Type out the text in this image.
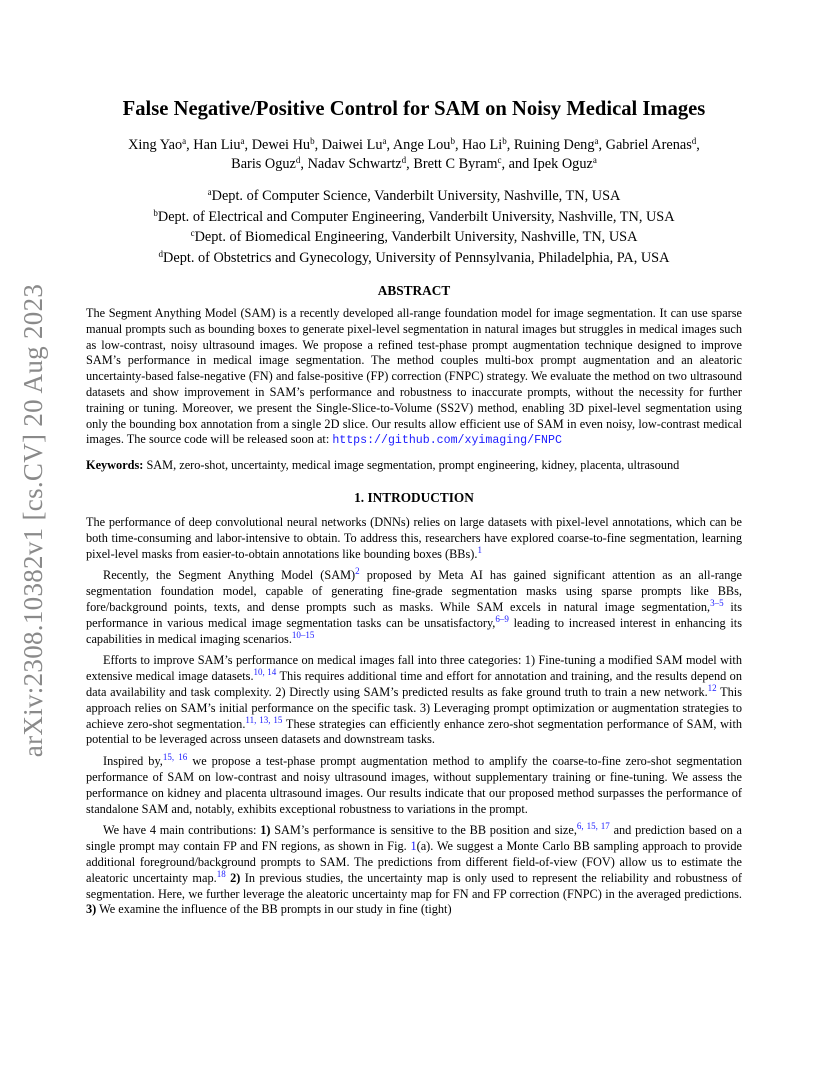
arXiv:2308.10382v1 [cs.CV] 20 Aug 2023
False Negative/Positive Control for SAM on Noisy Medical Images
Xing Yao$^a$, Han Liu$^a$, Dewei Hu$^b$, Daiwei Lu$^a$, Ange Lou$^b$, Hao Li$^b$, Ruining Deng$^a$, Gabriel Arenas$^d$,
Baris Oguz$^d$, Nadav Schwartz$^d$, Brett C Byram$^c$, and Ipek Oguz$^a$
$^a$Dept. of Computer Science, Vanderbilt University, Nashville, TN, USA
$^b$Dept. of Electrical and Computer Engineering, Vanderbilt University, Nashville, TN, USA
$^c$Dept. of Biomedical Engineering, Vanderbilt University, Nashville, TN, USA
$^d$Dept. of Obstetrics and Gynecology, University of Pennsylvania, Philadelphia, PA, USA
ABSTRACT

The Segment Anything Model (SAM) is a recently developed all-range foundation model for image segmentation. It can use sparse manual prompts such as bounding boxes to generate pixel-level segmentation in natural images but struggles in medical images such as low-contrast, noisy ultrasound images. We propose a refined test-phase prompt augmentation technique designed to improve SAM’s performance in medical image segmentation. The method couples multi-box prompt augmentation and an aleatoric uncertainty-based false-negative (FN) and false-positive (FP) correction (FNPC) strategy. We evaluate the method on two ultrasound datasets and show improvement in SAM’s performance and robustness to inaccurate prompts, without the necessity for further training or tuning. Moreover, we present the Single-Slice-to-Volume (SS2V) method, enabling 3D pixel-level segmentation using only the bounding box annotation from a single 2D slice. Our results allow efficient use of SAM in even noisy, low-contrast medical images. The source code will be released soon at: https://github.com/xyimaging/FNPC

Keywords: SAM, zero-shot, uncertainty, medical image segmentation, prompt engineering, kidney, placenta, ultrasound

1. INTRODUCTION

The performance of deep convolutional neural networks (DNNs) relies on large datasets with pixel-level annotations, which can be both time-consuming and labor-intensive to obtain. To address this, researchers have explored coarse-to-fine segmentation, learning pixel-level masks from easier-to-obtain annotations like bounding boxes (BBs).$^1$

Recently, the Segment Anything Model (SAM)$^2$ proposed by Meta AI has gained significant attention as an all-range segmentation foundation model, capable of generating fine-grade segmentation masks using sparse prompts like BBs, fore/background points, texts, and dense prompts such as masks. While SAM excels in natural image segmentation,$^{3-5}$ its performance in various medical image segmentation tasks can be unsatisfactory,$^{6-9}$ leading to increased interest in enhancing its capabilities in medical imaging scenarios.$^{10-15}$

Efforts to improve SAM’s performance on medical images fall into three categories: 1) Fine-tuning a modified SAM model with extensive medical image datasets.$^{10, 14}$ This requires additional time and effort for annotation and training, and the results depend on data availability and task complexity. 2) Directly using SAM’s predicted results as fake ground truth to train a new network.$^{12}$ This approach relies on SAM’s initial performance on the specific task. 3) Leveraging prompt optimization or augmentation strategies to achieve zero-shot segmentation.$^{11, 13, 15}$ These strategies can efficiently enhance zero-shot segmentation performance of SAM, with potential to be leveraged across unseen datasets and downstream tasks.

Inspired by,$^{15, 16}$ we propose a test-phase prompt augmentation method to amplify the coarse-to-fine zero-shot segmentation performance of SAM on low-contrast and noisy ultrasound images, without supplementary training or fine-tuning. We assess the performance on kidney and placenta ultrasound images. Our results indicate that our proposed method surpasses the performance of standalone SAM and, notably, exhibits exceptional robustness to variations in the prompt.

We have 4 main contributions: 1) SAM’s performance is sensitive to the BB position and size,$^{6, 15, 17}$ and prediction based on a single prompt may contain FP and FN regions, as shown in Fig. 1(a). We suggest a Monte Carlo BB sampling approach to provide additional foreground/background prompts to SAM. The predictions from different field-of-view (FOV) allow us to estimate the aleatoric uncertainty map.$^{18}$ 2) In previous studies, the uncertainty map is only used to represent the reliability and robustness of segmentation. Here, we further leverage the aleatoric uncertainty map for FN and FP correction (FNPC) in the averaged predictions. 3) We examine the influence of the BB prompts in our study in fine (tight)
